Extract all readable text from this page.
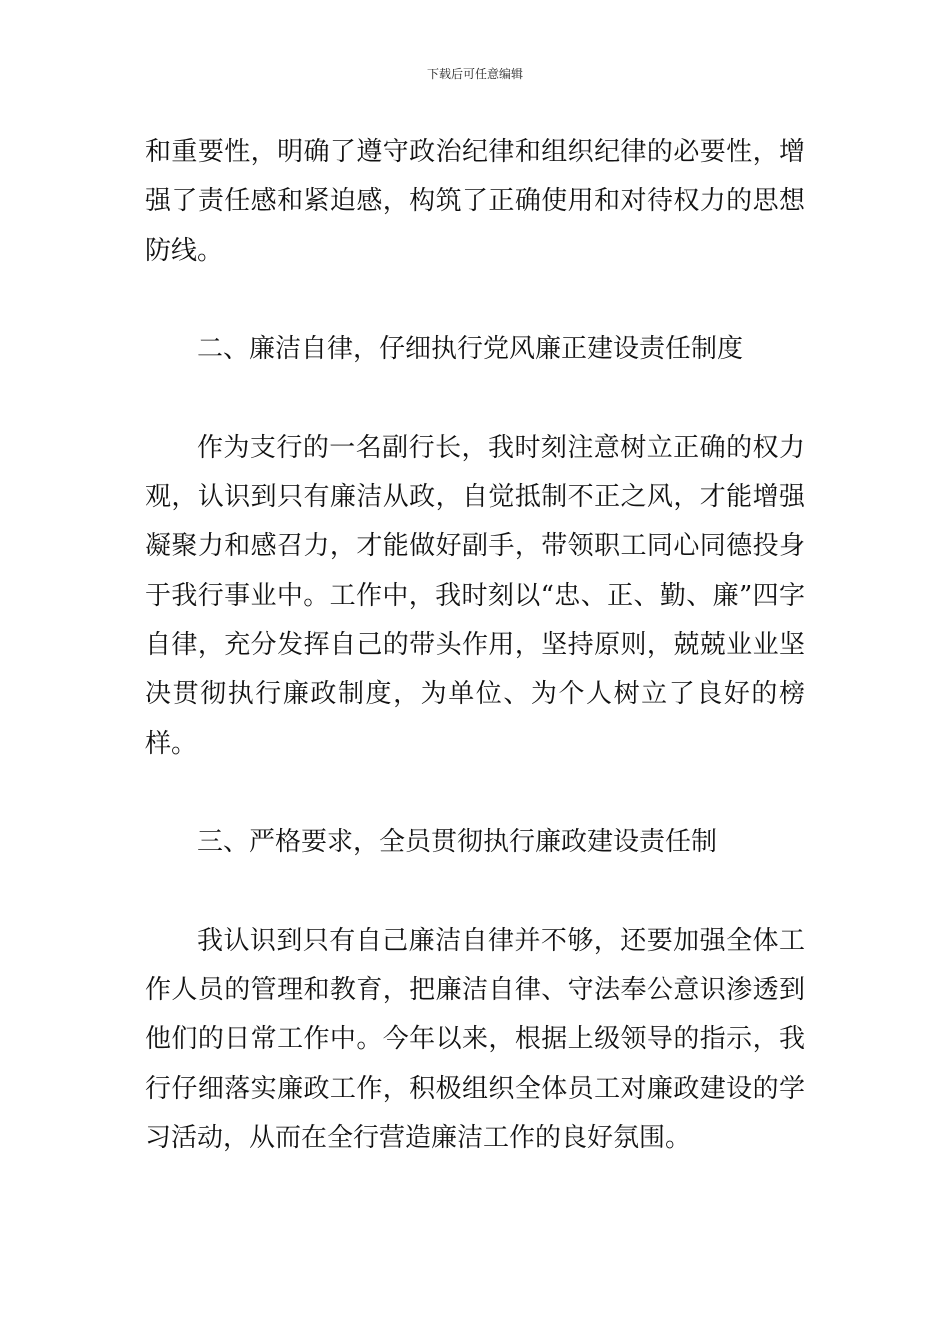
下载后可任意编辑

和重要性，明确了遵守政治纪律和组织纪律的必要性，增强了责任感和紧迫感，构筑了正确使用和对待权力的思想防线。

二、廉洁自律，仔细执行党风廉正建设责任制度

作为支行的一名副行长，我时刻注意树立正确的权力观，认识到只有廉洁从政，自觉抵制不正之风，才能增强凝聚力和感召力，才能做好副手，带领职工同心同德投身于我行事业中。工作中，我时刻以“忠、正、勤、廉”四字自律，充分发挥自己的带头作用，坚持原则，兢兢业业坚决贯彻执行廉政制度，为单位、为个人树立了良好的榜样。

三、严格要求，全员贯彻执行廉政建设责任制

我认识到只有自己廉洁自律并不够，还要加强全体工作人员的管理和教育，把廉洁自律、守法奉公意识渗透到他们的日常工作中。今年以来，根据上级领导的指示，我行仔细落实廉政工作，积极组织全体员工对廉政建设的学习活动，从而在全行营造廉洁工作的良好氛围。
